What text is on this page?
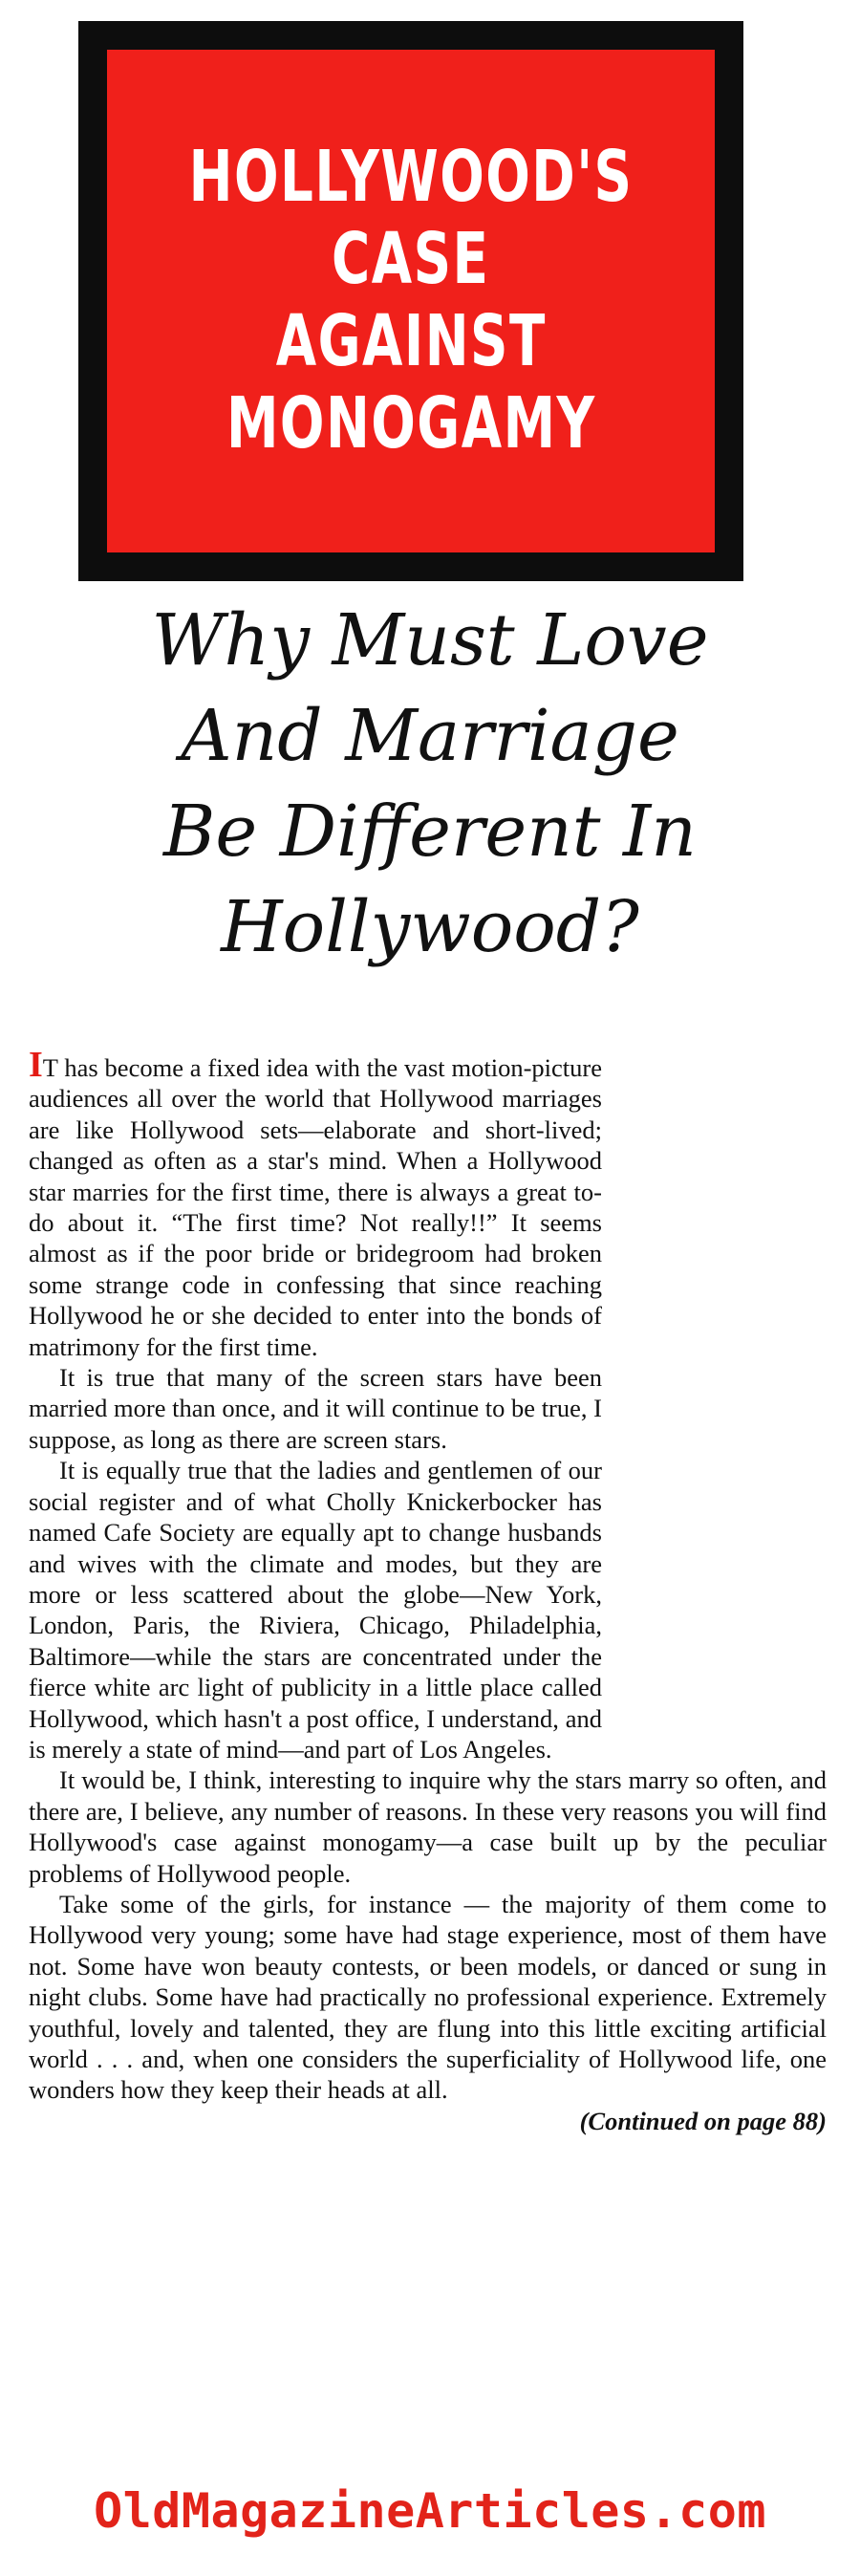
HOLLYWOOD'S
CASE
AGAINST
MONOGAMY
Why Must Love
And Marriage
Be Different In
Hollywood?

IT has become a fixed idea with the vast motion-picture audiences all over the world that Hollywood marriages are like Hollywood sets—elaborate and short-lived; changed as often as a star's mind. When a Hollywood star marries for the first time, there is always a great to-do about it. “The first time? Not really!!” It seems almost as if the poor bride or bridegroom had broken some strange code in confessing that since reaching Hollywood he or she decided to enter into the bonds of matrimony for the first time.

It is true that many of the screen stars have been married more than once, and it will continue to be true, I suppose, as long as there are screen stars.

It is equally true that the ladies and gentlemen of our social register and of what Cholly Knickerbocker has named Cafe Society are equally apt to change husbands and wives with the climate and modes, but they are more or less scattered about the globe—New York, London, Paris, the Riviera, Chicago, Philadelphia, Baltimore—while the stars are concentrated under the fierce white arc light of publicity in a little place called Hollywood, which hasn't a post office, I understand, and is merely a state of mind—and part of Los Angeles.

It would be, I think, interesting to inquire why the stars marry so often, and there are, I believe, any number of reasons. In these very reasons you will find Hollywood's case against monogamy—a case built up by the peculiar problems of Hollywood people.

Take some of the girls, for instance — the majority of them come to Hollywood very young; some have had stage experience, most of them have not. Some have won beauty contests, or been models, or danced or sung in night clubs. Some have had practically no professional experience. Extremely youthful, lovely and talented, they are flung into this little exciting artificial world . . . and, when one considers the superficiality of Hollywood life, one wonders how they keep their heads at all.

(Continued on page 88)

OldMagazineArticles.com
